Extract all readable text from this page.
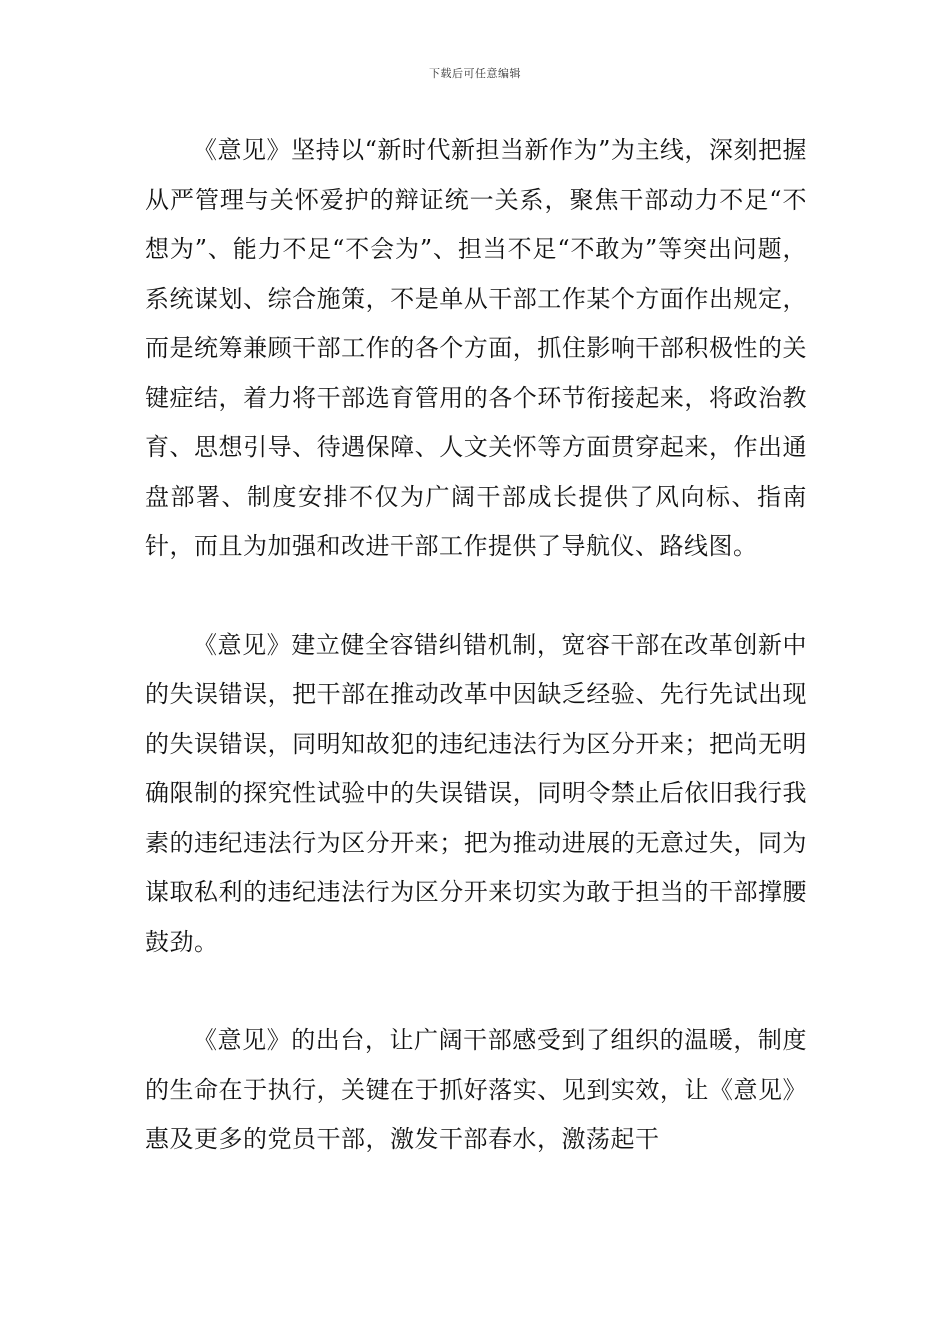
下载后可任意编辑

《意见》坚持以“新时代新担当新作为”为主线，深刻把握从严管理与关怀爱护的辩证统一关系，聚焦干部动力不足“不想为”、能力不足“不会为”、担当不足“不敢为”等突出问题，系统谋划、综合施策，不是单从干部工作某个方面作出规定，而是统筹兼顾干部工作的各个方面，抓住影响干部积极性的关键症结，着力将干部选育管用的各个环节衔接起来，将政治教育、思想引导、待遇保障、人文关怀等方面贯穿起来，作出通盘部署、制度安排不仅为广阔干部成长提供了风向标、指南针，而且为加强和改进干部工作提供了导航仪、路线图。

《意见》建立健全容错纠错机制，宽容干部在改革创新中的失误错误，把干部在推动改革中因缺乏经验、先行先试出现的失误错误，同明知故犯的违纪违法行为区分开来；把尚无明确限制的探究性试验中的失误错误，同明令禁止后依旧我行我素的违纪违法行为区分开来；把为推动进展的无意过失，同为谋取私利的违纪违法行为区分开来切实为敢于担当的干部撑腰鼓劲。

《意见》的出台，让广阔干部感受到了组织的温暖，制度的生命在于执行，关键在于抓好落实、见到实效，让《意见》惠及更多的党员干部，激发干部春水，激荡起干
